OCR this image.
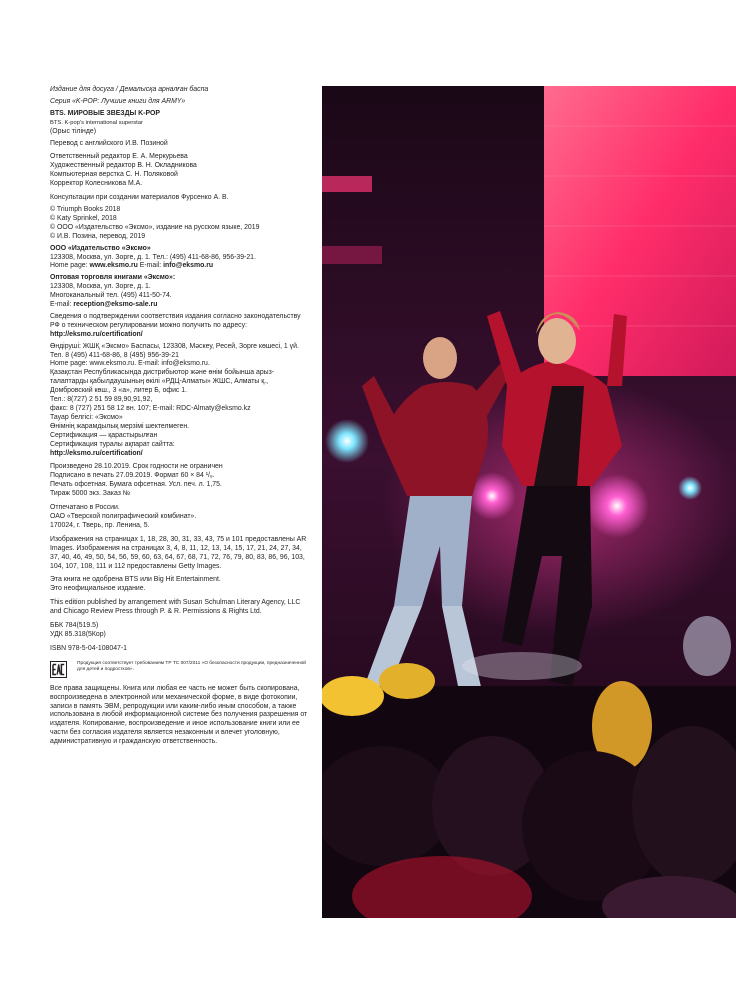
Издание для досуга / Демалысқа арналған баспа

Серия «K-POP: Лучшие книги для ARMY»

BTS. МИРОВЫЕ ЗВЕЗДЫ K-POP

BTS. K-pop's international superstar

(Орыс тілінде)

Перевод с английского И.В. Позиной

Ответственный редактор Е. А. Меркурьева

Художественный редактор В. Н. Окладникова

Компьютерная верстка С. Н. Поляковой

Корректор Колесникова М.А.

Консультации при создании материалов Фурсенко А. В.

© Triumph Books 2018

© Katy Sprinkel, 2018

© ООО «Издательство «Эксмо», издание на русском языке, 2019

© И.В. Позина, перевод, 2019

ООО «Издательство «Эксмо»

123308, Москва, ул. Зорге, д. 1. Тел.: (495) 411-68-86, 956-39-21.

Home page: www.eksmo.ru E-mail: info@eksmo.ru

Оптовая торговля книгами «Эксмо»:

123308, Москва, ул. Зорге, д. 1.

Многоканальный тел. (495) 411-50-74.

E-mail: reception@eksmo-sale.ru

Сведения о подтверждении соответствия издания согласно законодательству РФ о техническом регулировании можно получить по адресу:

http://eksmo.ru/certification/

Өндіруші: ЖШҚ «Эксмо» Баспасы, 123308, Мәскеу, Ресей, Зорге көшесі, 1 үй.

Тел. 8 (495) 411-68-86, 8 (495) 956-39-21

Home page: www.eksmo.ru. E-mail: info@eksmo.ru.

Қазақстан Республикасында дистрибьютор және өнім бойынша арыз-талаптарды қабылдаушының өкілі «РДЦ-Алматы» ЖШС, Алматы қ., Домбровский көш., 3 «а», литер Б, офис 1.

Тел.: 8(727) 2 51 59 89,90,91,92,

факс: 8 (727) 251 58 12 вн. 107; E-mail: RDC-Almaty@eksmo.kz

Тауар белгісі: «Эксмо»

Өнімнің жарамдылық мерзімі шектелмеген.

Сертификация — қарастырылған

Сертификация туралы ақпарат сайтта:

http://eksmo.ru/certification/

Произведено 28.10.2019. Срок годности не ограничен

Подписано в печать 27.09.2019. Формат 60 × 84 ¹/₈.

Печать офсетная. Бумага офсетная. Усл. печ. л. 1,75.

Тираж 5000 экз. Заказ №

Отпечатано в России.

ОАО «Тверской полиграфический комбинат».

170024, г. Тверь, пр. Ленина, 5.

Изображения на страницах 1, 18, 28, 30, 31, 33, 43, 75 и 101 предоставлены AR Images. Изображения на страницах 3, 4, 8, 11, 12, 13, 14, 15, 17, 21, 24, 27, 34, 37, 40, 46, 49, 50, 54, 56, 59, 60, 63, 64, 67, 68, 71, 72, 76, 79, 80, 83, 86, 96, 103, 104, 107, 108, 111 и 112 предоставлены Getty Images.

Эта книга не одобрена BTS или Big Hit Entertainment.

Это неофициальное издание.

This edition published by arrangement with Susan Schulman Literary Agency, LLC and Chicago Review Press through P. & R. Permissions & Rights Ltd.

ББК 784(519.5)

УДК 85.318(5Кор)

ISBN 978-5-04-108047-1

Продукция соответствует требованиям ТР ТС 007/2011 «О безопасности продукции, предназначенной для детей и подростков».

Все права защищены. Книга или любая ее часть не может быть скопирована, воспроизведена в электронной или механической форме, в виде фотокопии, записи в память ЭВМ, репродукции или каким-либо иным способом, а также использована в любой информационной системе без получения разрешения от издателя. Копирование, воспроизведение и иное использование книги или ее части без согласия издателя является незаконным и влечет уголовную, административную и гражданскую ответственность.
